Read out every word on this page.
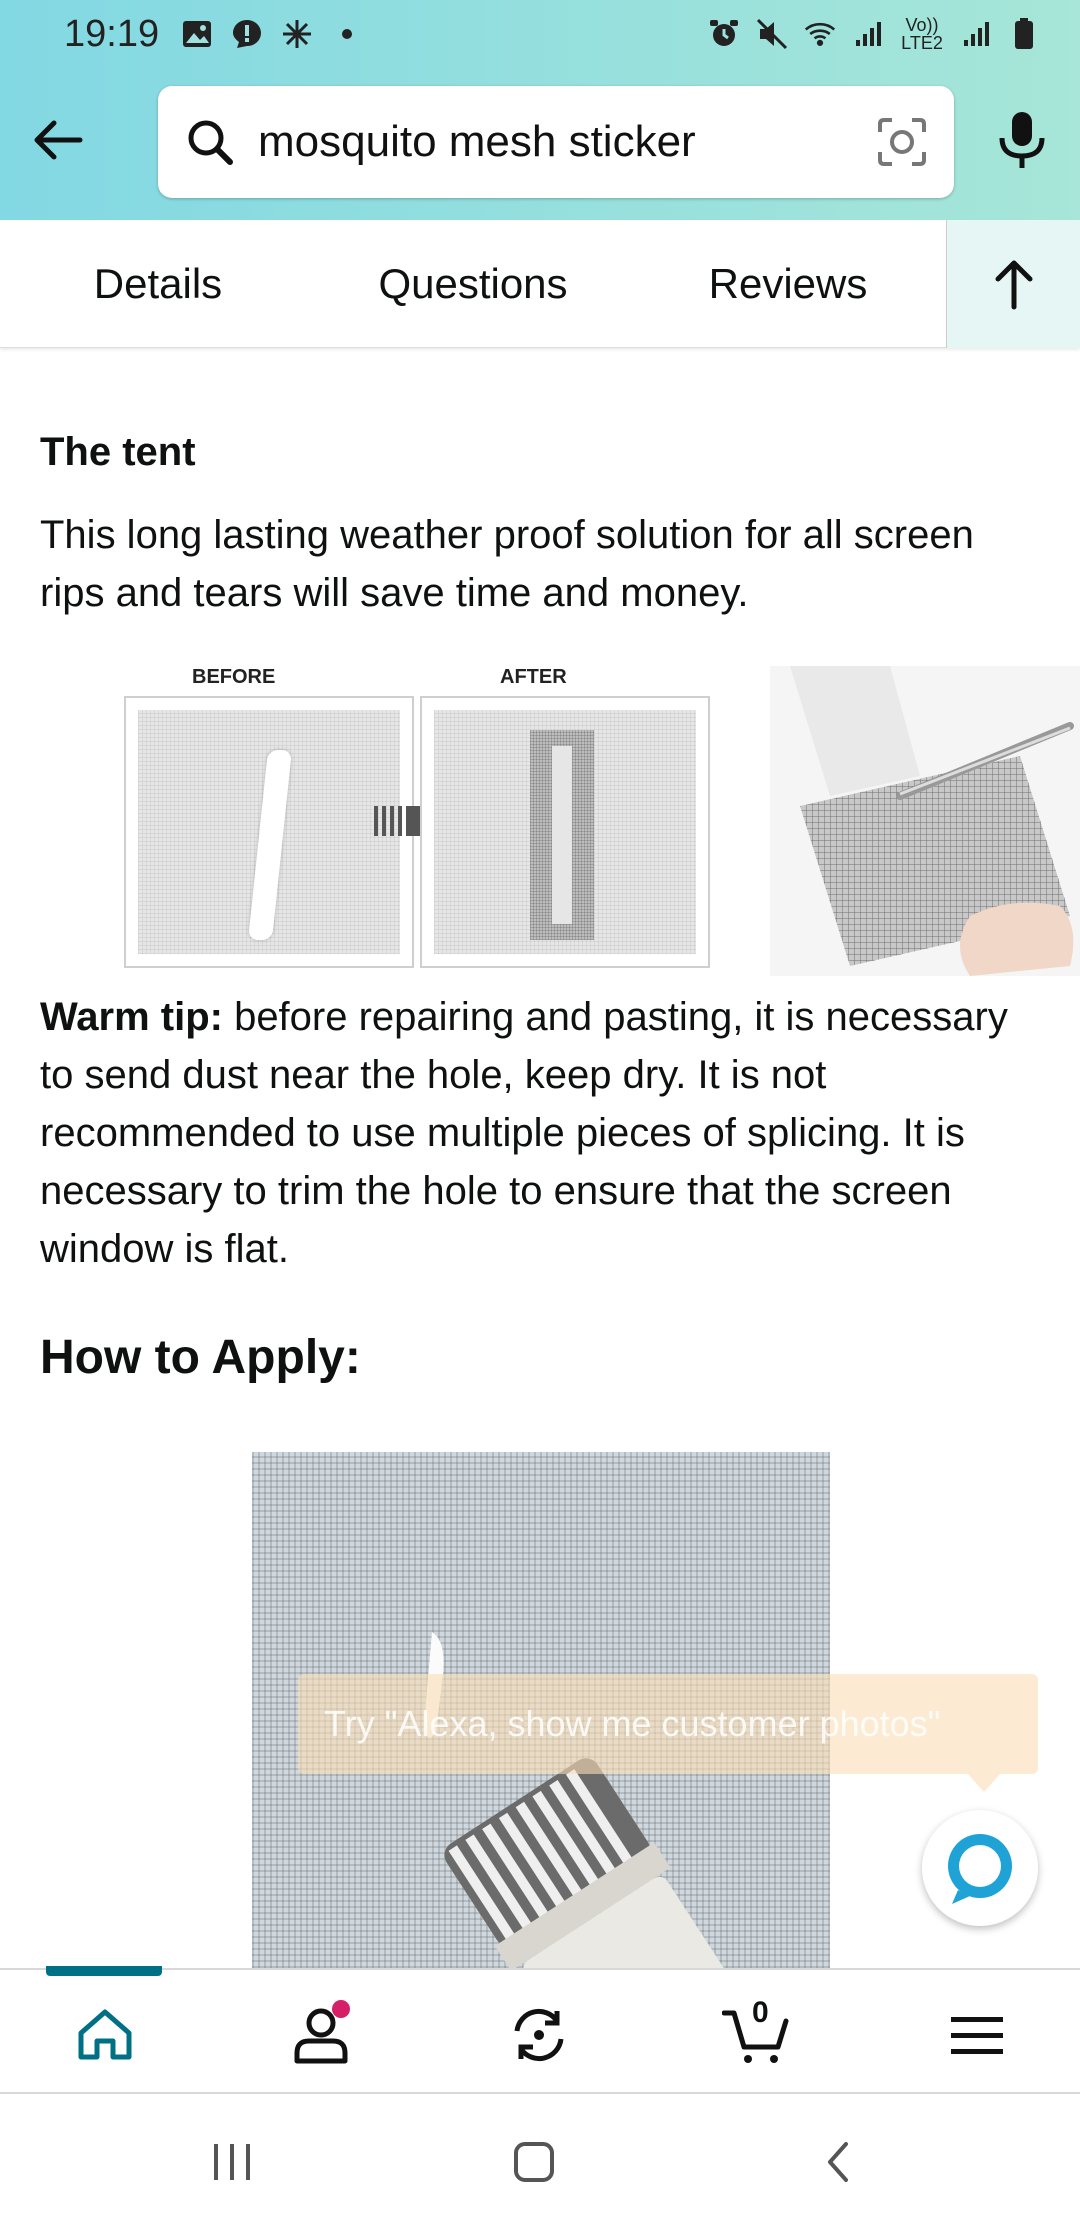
19:19	Vo)) LTE2
mosquito mesh sticker
Details	Questions	Reviews
The tent
This long lasting weather proof solution for all screen rips and tears will save time and money.
BEFORE	AFTER
Warm tip: before repairing and pasting, it is necessary to send dust near the hole, keep dry. It is not recommended to use multiple pieces of splicing. It is necessary to trim the hole to ensure that the screen window is flat.
How to Apply:
Try "Alexa, show me customer photos"
0
